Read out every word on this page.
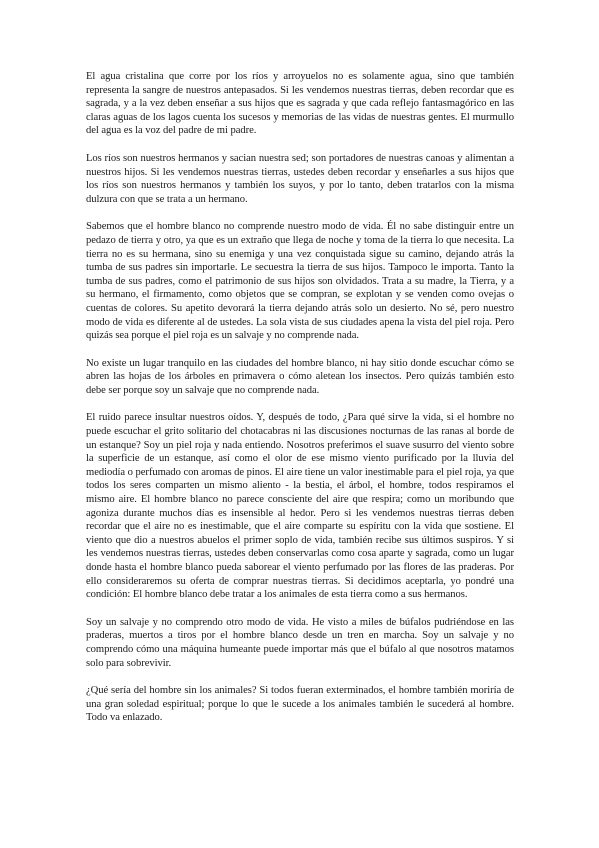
El agua cristalina que corre por los ríos y arroyuelos no es solamente agua, sino que también representa la sangre de nuestros antepasados. Si les vendemos nuestras tierras, deben recordar que es sagrada, y a la vez deben enseñar a sus hijos que es sagrada y que cada reflejo fantasmagórico en las claras aguas de los lagos cuenta los sucesos y memorias de las vidas de nuestras gentes. El murmullo del agua es la voz del padre de mi padre.

Los ríos son nuestros hermanos y sacian nuestra sed; son portadores de nuestras canoas y alimentan a nuestros hijos. Si les vendemos nuestras tierras, ustedes deben recordar y enseñarles a sus hijos que los ríos son nuestros hermanos y también los suyos, y por lo tanto, deben tratarlos con la misma dulzura con que se trata a un hermano.

Sabemos que el hombre blanco no comprende nuestro modo de vida. Él no sabe distinguir entre un pedazo de tierra y otro, ya que es un extraño que llega de noche y toma de la tierra lo que necesita. La tierra no es su hermana, sino su enemiga y una vez conquistada sigue su camino, dejando atrás la tumba de sus padres sin importarle. Le secuestra la tierra de sus hijos. Tampoco le importa. Tanto la tumba de sus padres, como el patrimonio de sus hijos son olvidados. Trata a su madre, la Tierra, y a su hermano, el firmamento, como objetos que se compran, se explotan y se venden como ovejas o cuentas de colores. Su apetito devorará la tierra dejando atrás solo un desierto. No sé, pero nuestro modo de vida es diferente al de ustedes. La sola vista de sus ciudades apena la vista del piel roja. Pero quizás sea porque el piel roja es un salvaje y no comprende nada.

No existe un lugar tranquilo en las ciudades del hombre blanco, ni hay sitio donde escuchar cómo se abren las hojas de los árboles en primavera o cómo aletean los insectos. Pero quizás también esto debe ser porque soy un salvaje que no comprende nada.

El ruido parece insultar nuestros oídos. Y, después de todo, ¿Para qué sirve la vida, si el hombre no puede escuchar el grito solitario del chotacabras ni las discusiones nocturnas de las ranas al borde de un estanque? Soy un piel roja y nada entiendo. Nosotros preferimos el suave susurro del viento sobre la superficie de un estanque, así como el olor de ese mismo viento purificado por la lluvia del mediodía o perfumado con aromas de pinos. El aire tiene un valor inestimable para el piel roja, ya que todos los seres comparten un mismo aliento - la bestia, el árbol, el hombre, todos respiramos el mismo aire. El hombre blanco no parece consciente del aire que respira; como un moribundo que agoniza durante muchos días es insensible al hedor. Pero si les vendemos nuestras tierras deben recordar que el aire no es inestimable, que el aire comparte su espíritu con la vida que sostiene. El viento que dio a nuestros abuelos el primer soplo de vida, también recibe sus últimos suspiros. Y si les vendemos nuestras tierras, ustedes deben conservarlas como cosa aparte y sagrada, como un lugar donde hasta el hombre blanco pueda saborear el viento perfumado por las flores de las praderas. Por ello consideraremos su oferta de comprar nuestras tierras. Si decidimos aceptarla, yo pondré una condición: El hombre blanco debe tratar a los animales de esta tierra como a sus hermanos.

Soy un salvaje y no comprendo otro modo de vida. He visto a miles de búfalos pudriéndose en las praderas, muertos a tiros por el hombre blanco desde un tren en marcha. Soy un salvaje y no comprendo cómo una máquina humeante puede importar más que el búfalo al que nosotros matamos solo para sobrevivir.

¿Qué sería del hombre sin los animales? Si todos fueran exterminados, el hombre también moriría de una gran soledad espiritual; porque lo que le sucede a los animales también le sucederá al hombre. Todo va enlazado.
